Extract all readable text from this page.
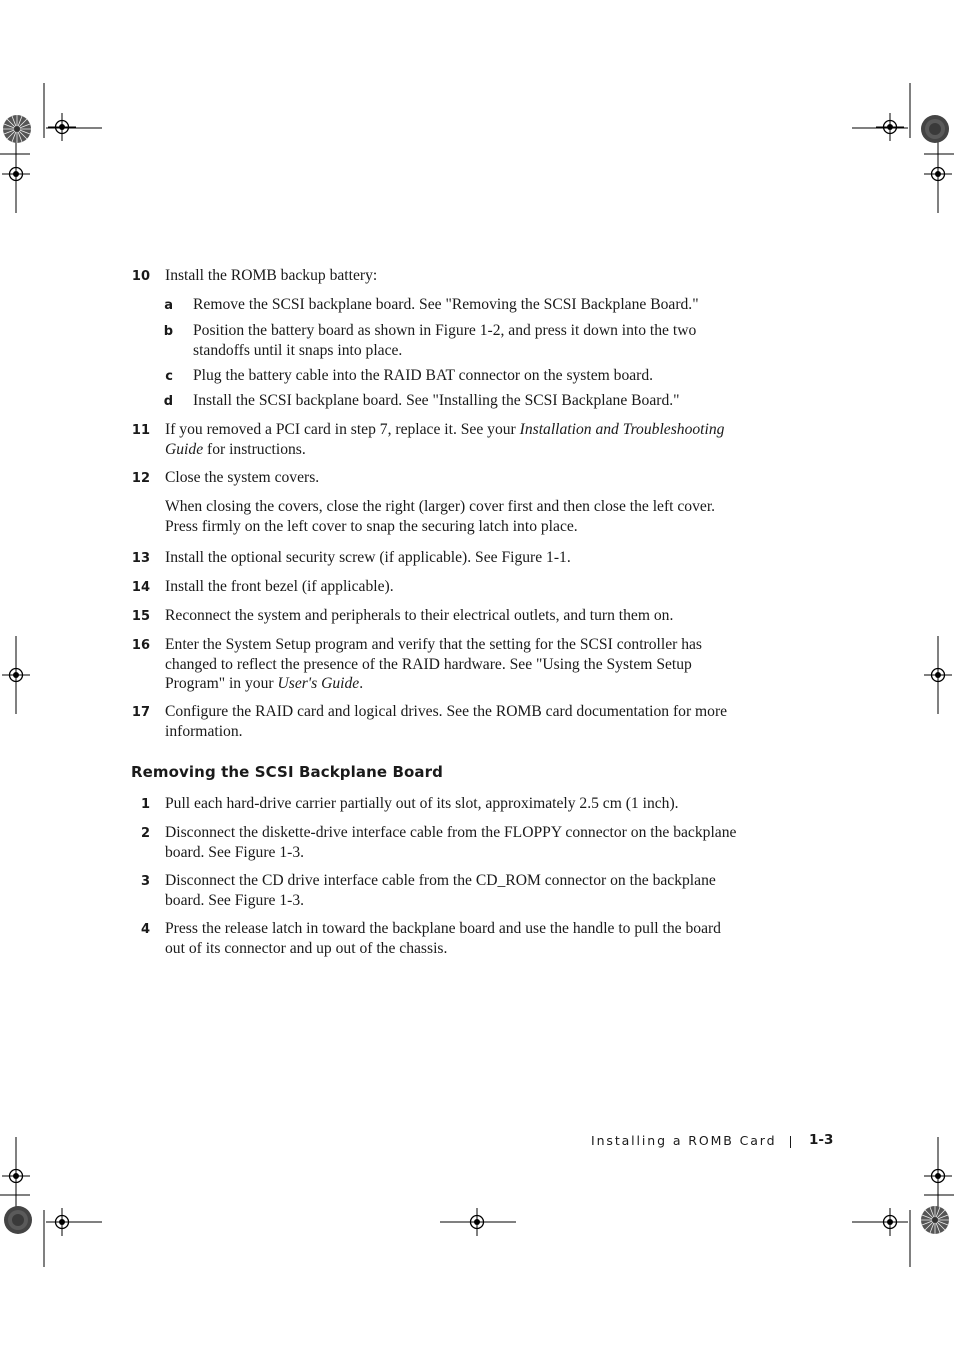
10 Install the ROMB backup battery:
a Remove the SCSI backplane board. See "Removing the SCSI Backplane Board."
b Position the battery board as shown in Figure 1-2, and press it down into the two standoffs until it snaps into place.
c Plug the battery cable into the RAID BAT connector on the system board.
d Install the SCSI backplane board. See "Installing the SCSI Backplane Board."
11 If you removed a PCI card in step 7, replace it. See your Installation and Troubleshooting Guide for instructions.
12 Close the system covers.
When closing the covers, close the right (larger) cover first and then close the left cover. Press firmly on the left cover to snap the securing latch into place.
13 Install the optional security screw (if applicable). See Figure 1-1.
14 Install the front bezel (if applicable).
15 Reconnect the system and peripherals to their electrical outlets, and turn them on.
16 Enter the System Setup program and verify that the setting for the SCSI controller has changed to reflect the presence of the RAID hardware. See "Using the System Setup Program" in your User's Guide.
17 Configure the RAID card and logical drives. See the ROMB card documentation for more information.
Removing the SCSI Backplane Board
1 Pull each hard-drive carrier partially out of its slot, approximately 2.5 cm (1 inch).
2 Disconnect the diskette-drive interface cable from the FLOPPY connector on the backplane board. See Figure 1-3.
3 Disconnect the CD drive interface cable from the CD_ROM connector on the backplane board. See Figure 1-3.
4 Press the release latch in toward the backplane board and use the handle to pull the board out of its connector and up out of the chassis.
Installing a ROMB Card 1-3
